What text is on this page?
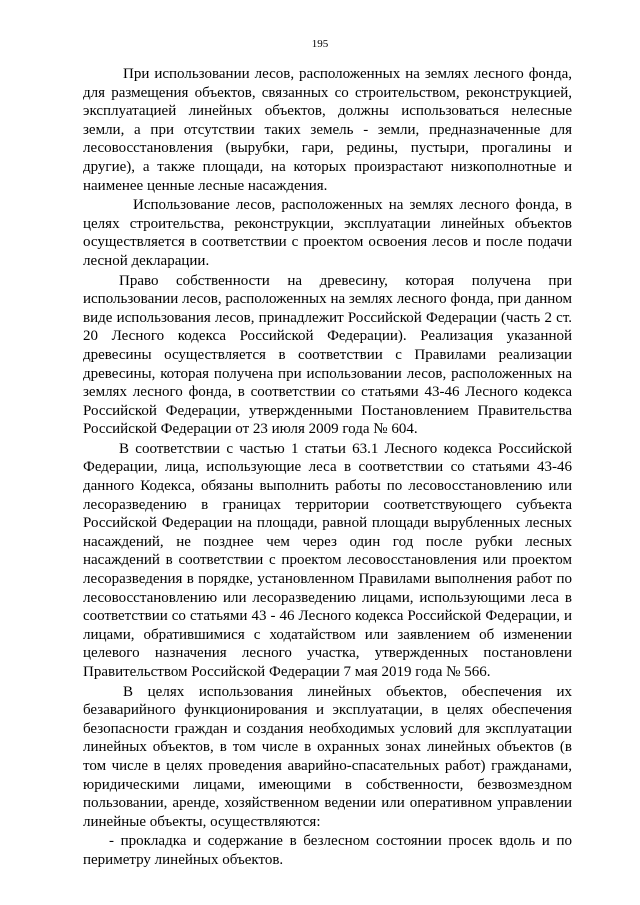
195

При использовании лесов, расположенных на землях лесного фонда, для размещения объектов, связанных со строительством, реконструкцией, эксплуатацией линейных объектов, должны использоваться нелесные земли, а при отсутствии таких земель - земли, предназначенные для лесовосстановления (вырубки, гари, редины, пустыри, прогалины и другие), а также площади, на которых произрастают низкополнотные и наименее ценные лесные насаждения.

Использование лесов, расположенных на землях лесного фонда, в целях строительства, реконструкции, эксплуатации линейных объектов осуществляется в соответствии с проектом освоения лесов и после подачи лесной декларации.

Право собственности на древесину, которая получена при использовании лесов, расположенных на землях лесного фонда, при данном виде использования лесов, принадлежит Российской Федерации (часть 2 ст. 20 Лесного кодекса Российской Федерации). Реализация указанной древесины осуществляется в соответствии с Правилами реализации древесины, которая получена при использовании лесов, расположенных на землях лесного фонда, в соответствии со статьями 43-46 Лесного кодекса Российской Федерации, утвержденными Постановлением Правительства Российской Федерации от 23 июля 2009 года № 604.

В соответствии с частью 1 статьи 63.1 Лесного кодекса Российской Федерации, лица, использующие леса в соответствии со статьями 43-46 данного Кодекса, обязаны выполнить работы по лесовосстановлению или лесоразведению в границах территории соответствующего субъекта Российской Федерации на площади, равной площади вырубленных лесных насаждений, не позднее чем через один год после рубки лесных насаждений в соответствии с проектом лесовосстановления или проектом лесоразведения в порядке, установленном Правилами выполнения работ по лесовосстановлению или лесоразведению лицами, использующими леса в соответствии со статьями 43 - 46 Лесного кодекса Российской Федерации, и лицами, обратившимися с ходатайством или заявлением об изменении целевого назначения лесного участка, утвержденных постановлени Правительством Российской Федерации 7 мая 2019 года № 566.

В целях использования линейных объектов, обеспечения их безаварийного функционирования и эксплуатации, в целях обеспечения безопасности граждан и создания необходимых условий для эксплуатации линейных объектов, в том числе в охранных зонах линейных объектов (в том числе в целях проведения аварийно-спасательных работ) гражданами, юридическими лицами, имеющими в собственности, безвозмездном пользовании, аренде, хозяйственном ведении или оперативном управлении линейные объекты, осуществляются:

- прокладка и содержание в безлесном состоянии просек вдоль и по периметру линейных объектов.
